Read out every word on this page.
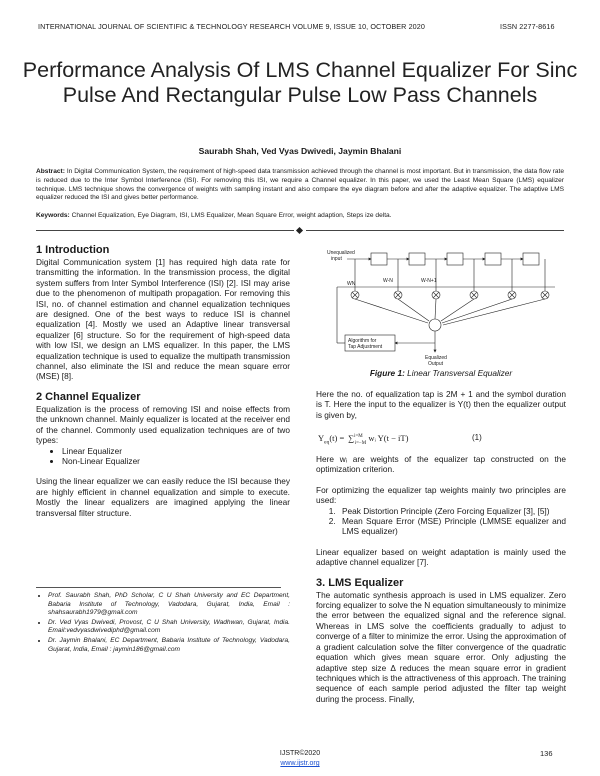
INTERNATIONAL JOURNAL OF SCIENTIFIC & TECHNOLOGY RESEARCH VOLUME 9, ISSUE 10, OCTOBER 2020	ISSN 2277-8616
Performance Analysis Of LMS Channel Equalizer For Sinc Pulse And Rectangular Pulse Low Pass Channels
Saurabh Shah, Ved Vyas Dwivedi, Jaymin Bhalani
Abstract: In Digital Communication System, the requirement of high-speed data transmission achieved through the channel is most important. But in transmission, the data flow rate is reduced due to the Inter Symbol Interference (ISI). For removing this ISI, we require a Channel equalizer. In this paper, we used the Least Mean Square (LMS) equalizer technique. LMS technique shows the convergence of weights with sampling instant and also compare the eye diagram before and after the adaptive equalizer. The adaptive LMS equalizer reduced the ISI and gives better performance.
Keywords: Channel Equalization, Eye Diagram, ISI, LMS Equalizer, Mean Square Error, weight adaption, Steps ize delta.
1 Introduction
Digital Communication system [1] has required high data rate for transmitting the information. In the transmission process, the digital system suffers from Inter Symbol Interference (ISI) [2]. ISI may arise due to the phenomenon of multipath propagation. For removing this ISI, no. of channel estimation and channel equalization techniques are designed. One of the best ways to reduce ISI is channel equalization [4]. Mostly we used an Adaptive linear transversal equalizer [6] structure. So for the requirement of high-speed data with low ISI, we design an LMS equalizer. In this paper, the LMS equalization technique is used to equalize the multipath transmission channel, also eliminate the ISI and reduce the mean square error (MSE) [8].
2 Channel Equalizer
Equalization is the process of removing ISI and noise effects from the unknown channel. Mainly equalizer is located at the receiver end of the channel. Commonly used equalization techniques are of two types:
• Linear Equalizer
• Non-Linear Equalizer
Using the linear equalizer we can easily reduce the ISI because they are highly efficient in channel equalization and simple to execute. Mostly the linear equalizers are imagined applying the linear transversal filter structure.
• Prof. Saurabh Shah, PhD Scholar, C U Shah University and EC Department, Babaria Institute of Technology, Vadodara, Gujarat, India, Email : shahsaurabh1979@gmail.com
• Dr. Ved Vyas Dwivedi, Provost, C U Shah University, Wadhwan, Gujarat, India. Email:vedvyasdwivediphd@gmail.com
• Dr. Jaymin Bhalani, EC Department, Babaria Institute of Technology, Vadodara, Gujarat, India, Email : jaymin186@gmail.com
Unequalized
input
W-N	W-N+1
WN
Algorithm for
Tap Adjustment
Equalized
Output
Figure 1: Linear Transversal Equalizer
Here the no. of equalization tap is 2M + 1 and the symbol duration is T. Here the input to the equalizer is Y(t) then the equalizer output is given by,
$Y_{eq}(t) = \sum^{i=M}_{i=-M}$ wᵢ Y(t − iT)	(1)
Here wᵢ are weights of the equalizer tap constructed on the optimization criterion.
For optimizing the equalizer tap weights mainly two principles are used:
1. Peak Distortion Principle (Zero Forcing Equalizer [3], [5])
2. Mean Square Error (MSE) Principle (LMMSE equalizer and LMS equalizer)
Linear equalizer based on weight adaptation is mainly used the adaptive channel equalizer [7].
3. LMS Equalizer
The automatic synthesis approach is used in LMS equalizer. Zero forcing equalizer to solve the N equation simultaneously to minimize the error between the equalized signal and the reference signal. Whereas in LMS solve the coefficients gradually to adjust to converge of a filter to minimize the error. Using the approximation of a gradient calculation solve the filter convergence of the quadratic equation which gives mean square error. Only adjusting the adaptive step size Δ reduces the mean square error in gradient techniques which is the attractiveness of this approach. The training sequence of each sample period adjusted the filter tap weight during the process. Finally,
136
IJSTR©2020
www.ijstr.org
